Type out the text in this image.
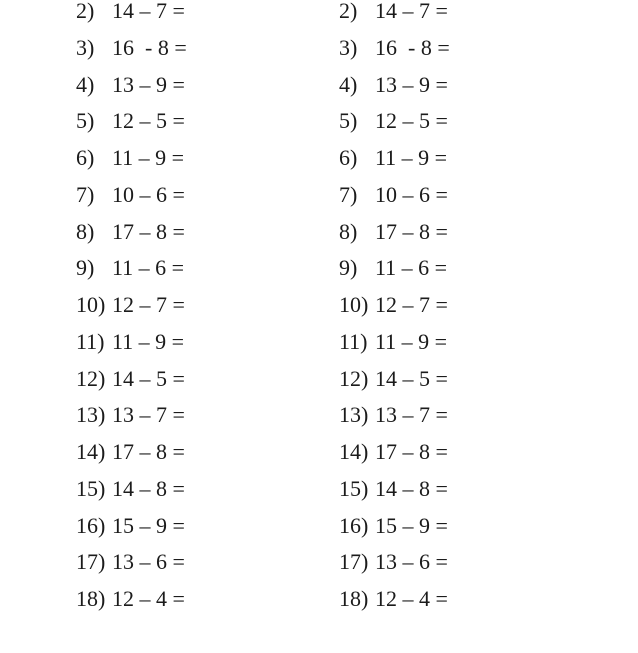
2) 14 – 7 =
3) 16  - 8 =
4) 13 – 9 =
5) 12 – 5 =
6) 11 – 9 =
7) 10 – 6 =
8) 17 – 8 =
9) 11 – 6 =
10) 12 – 7 =
11) 11 – 9 =
12) 14 – 5 =
13) 13 – 7 =
14) 17 – 8 =
15) 14 – 8 =
16) 15 – 9 =
17) 13 – 6 =
18) 12 – 4 =
2) 14 – 7 =
3) 16  - 8 =
4) 13 – 9 =
5) 12 – 5 =
6) 11 – 9 =
7) 10 – 6 =
8) 17 – 8 =
9) 11 – 6 =
10) 12 – 7 =
11) 11 – 9 =
12) 14 – 5 =
13) 13 – 7 =
14) 17 – 8 =
15) 14 – 8 =
16) 15 – 9 =
17) 13 – 6 =
18) 12 – 4 =
